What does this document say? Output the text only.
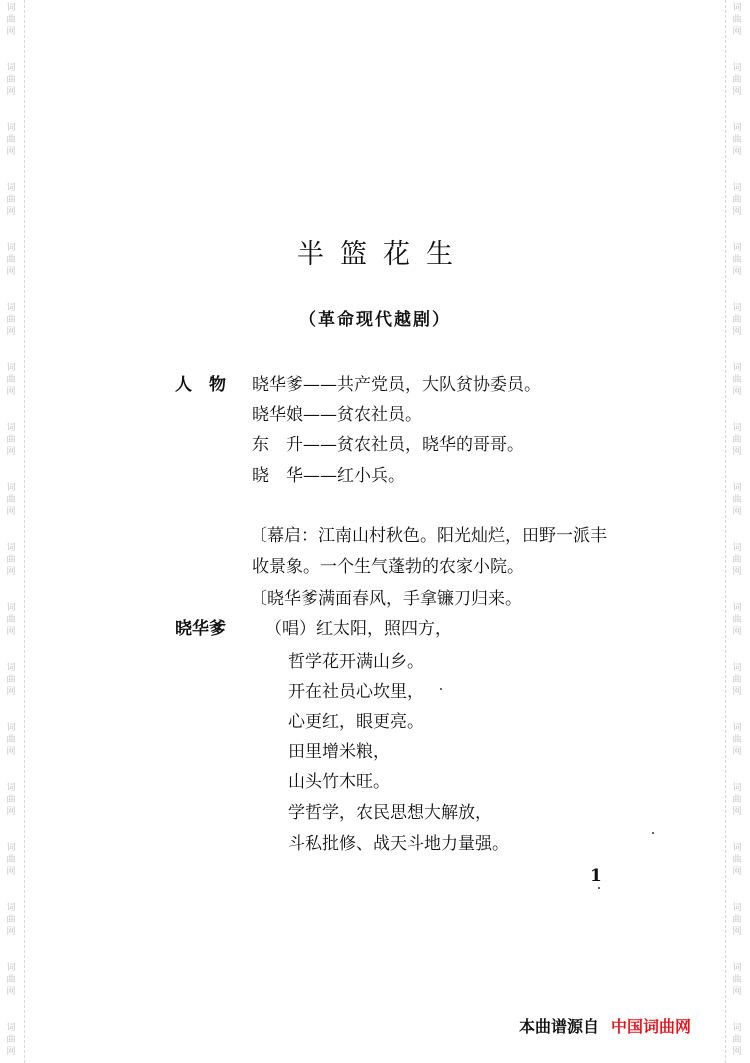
词
曲
网
词
曲
网
词
曲
网
词
曲
网
词
曲
网
词
曲
网
词
曲
网
词
曲
网
词
曲
网
词
曲
网
词
曲
网
词
曲
网
词
曲
网
词
曲
网
词
曲
网
词
曲
网
词
曲
网
词
曲
网
词
曲
网
词
曲
网
词
曲
网
词
曲
网
词
曲
网
词
曲
网
词
曲
网
词
曲
网
词
曲
网
词
曲
网
词
曲
网
词
曲
网
词
曲
网
词
曲
网
词
曲
网
词
曲
网
词
曲
网
词
曲
网
半篮花生
（革命现代越剧）
人　物 晓华爹——共产党员，大队贫协委员。
晓华娘——贫农社员。
东　升——贫农社员，晓华的哥哥。
晓　华——红小兵。
〔幕启：江南山村秋色。阳光灿烂，田野一派丰
收景象。一个生气蓬勃的农家小院。
〔晓华爹满面春风，手拿镰刀归来。
晓华爹 （唱）红太阳，照四方，
哲学花开满山乡。
开在社员心坎里，
心更红，眼更亮。
田里增米粮，
山头竹木旺。
学哲学，农民思想大解放，
斗私批修、战天斗地力量强。
1
本曲谱源自 中国词曲网
